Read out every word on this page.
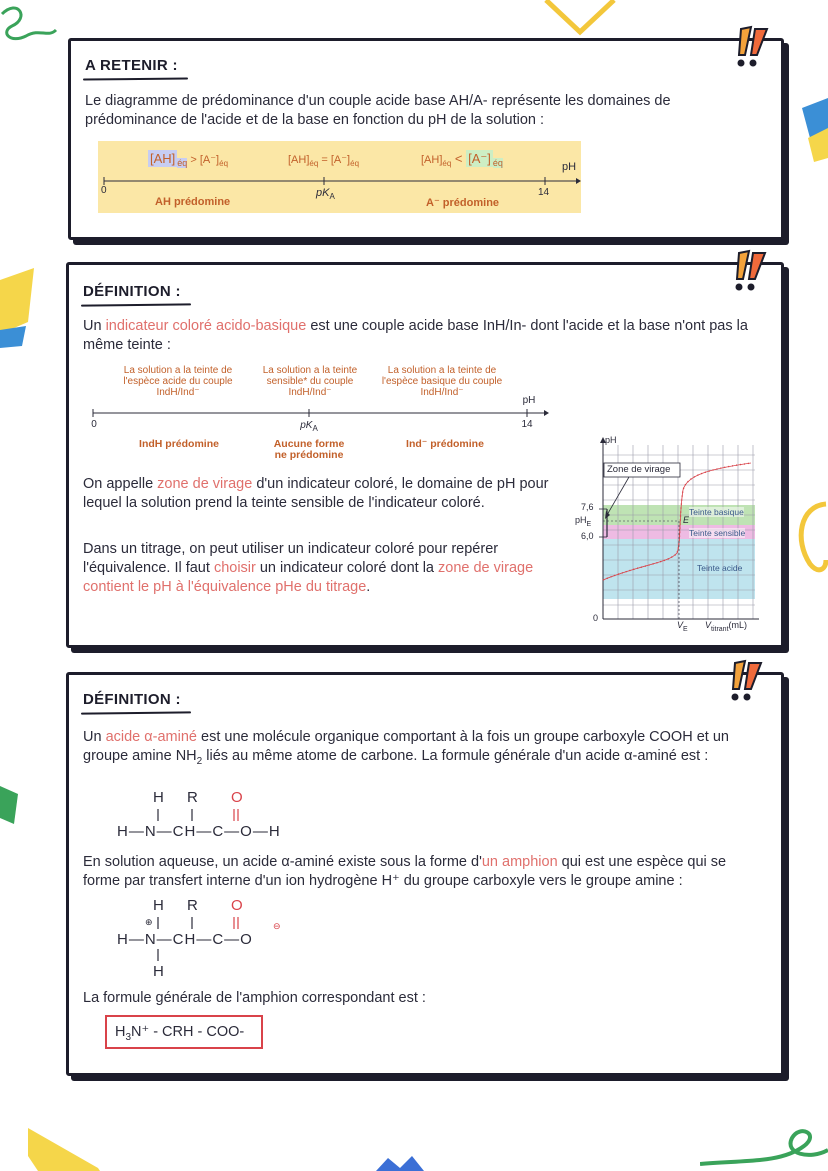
A RETENIR :
Le diagramme de prédominance d'un couple acide base AH/A- représente les domaines de prédominance de l'acide et de la base en fonction du pH de la solution :
[AH] $_{éq} > [A^-]_{éq}$	$[AH]_{éq} = [A^-]_{éq}$	$[AH]_{éq} < [A^-]$ $_{éq}$	pH
0	14
$pK_A$
AH prédomine	A⁻ prédomine
DÉFINITION :
Un indicateur coloré acido-basique est une couple acide base InH/In- dont l'acide et la base n'ont pas la même teinte :
La solution a la teinte de l'espèce acide du couple IndH/Ind⁻
La solution a la teinte sensible* du couple IndH/Ind⁻
La solution a la teinte de l'espèce basique du couple IndH/Ind⁻
pH
0	14
$pK_A$
IndH prédomine	Aucune forme ne prédomine
Ind⁻ prédomine
On appelle zone de virage d'un indicateur coloré, le domaine de pH pour lequel la solution prend la teinte sensible de l'indicateur coloré.
Dans un titrage, on peut utiliser un indicateur coloré pour repérer l'équivalence. Il faut choisir un indicateur coloré dont la zone de virage contient le pH à l'équivalence pHe du titrage.
pH
Zone de virage
7,6
$pH_E$
6,0
0
Teinte basique
Teinte sensible
Teinte acide
E
$V_E$ $V_{titrant}(mL)$
DÉFINITION :
Un acide α-aminé est une molécule organique comportant à la fois un groupe carboxyle COOH et un groupe amine $NH_2$ liés au même atome de carbone. La formule générale d'un acide α-aminé est :
H R O
H—N—CH—C—O—H
En solution aqueuse, un acide α-aminé existe sous la forme d'un amphion qui est une espèce qui se forme par transfert interne d'un ion hydrogène H⁺ du groupe carboxyle vers le groupe amine :
H R O
⊕	⊖
H—N—CH—C—O
H
La formule générale de l'amphion correspondant est :
$H_3N^+$ - CRH - COO-
